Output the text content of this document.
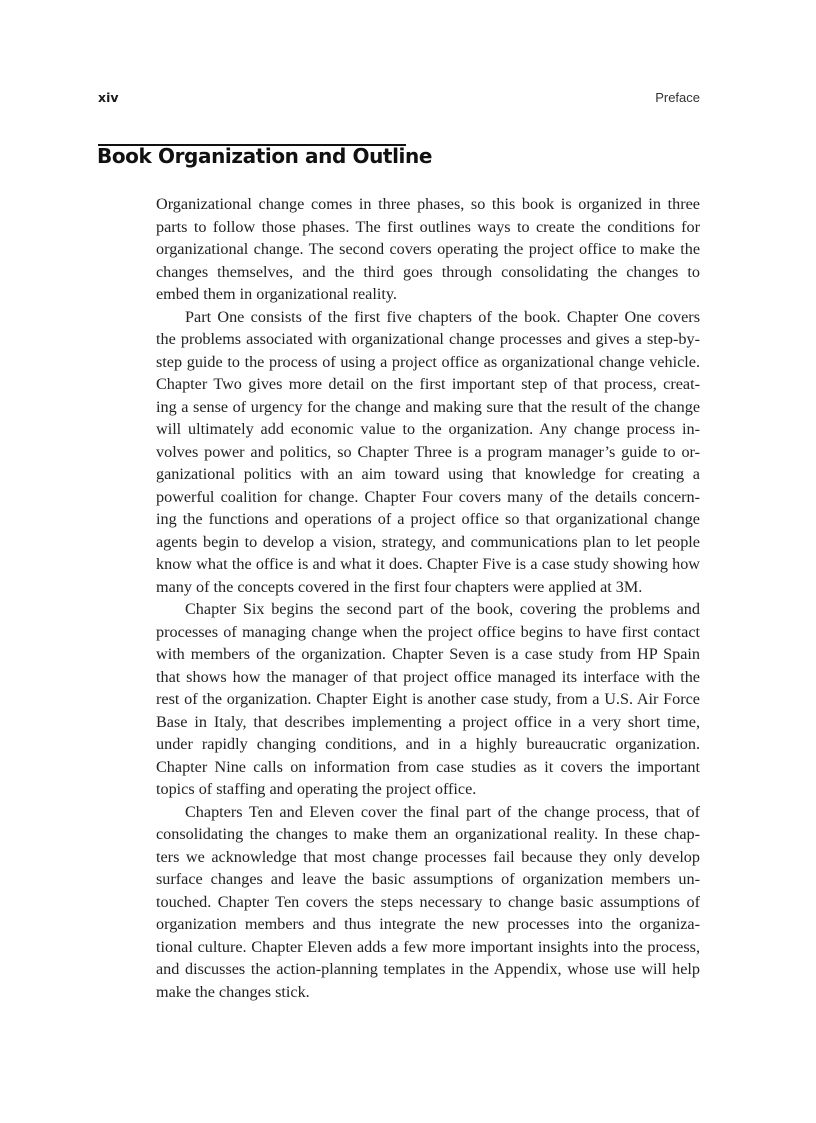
xiv	Preface
Book Organization and Outline
Organizational change comes in three phases, so this book is organized in three
parts to follow those phases. The first outlines ways to create the conditions for
organizational change. The second covers operating the project office to make the
changes themselves, and the third goes through consolidating the changes to
embed them in organizational reality.
Part One consists of the first five chapters of the book. Chapter One covers
the problems associated with organizational change processes and gives a step-by-
step guide to the process of using a project office as organizational change vehicle.
Chapter Two gives more detail on the first important step of that process, creat-
ing a sense of urgency for the change and making sure that the result of the change
will ultimately add economic value to the organization. Any change process in-
volves power and politics, so Chapter Three is a program manager’s guide to or-
ganizational politics with an aim toward using that knowledge for creating a
powerful coalition for change. Chapter Four covers many of the details concern-
ing the functions and operations of a project office so that organizational change
agents begin to develop a vision, strategy, and communications plan to let people
know what the office is and what it does. Chapter Five is a case study showing how
many of the concepts covered in the first four chapters were applied at 3M.
Chapter Six begins the second part of the book, covering the problems and
processes of managing change when the project office begins to have first contact
with members of the organization. Chapter Seven is a case study from HP Spain
that shows how the manager of that project office managed its interface with the
rest of the organization. Chapter Eight is another case study, from a U.S. Air Force
Base in Italy, that describes implementing a project office in a very short time,
under rapidly changing conditions, and in a highly bureaucratic organization.
Chapter Nine calls on information from case studies as it covers the important
topics of staffing and operating the project office.
Chapters Ten and Eleven cover the final part of the change process, that of
consolidating the changes to make them an organizational reality. In these chap-
ters we acknowledge that most change processes fail because they only develop
surface changes and leave the basic assumptions of organization members un-
touched. Chapter Ten covers the steps necessary to change basic assumptions of
organization members and thus integrate the new processes into the organiza-
tional culture. Chapter Eleven adds a few more important insights into the process,
and discusses the action-planning templates in the Appendix, whose use will help
make the changes stick.
